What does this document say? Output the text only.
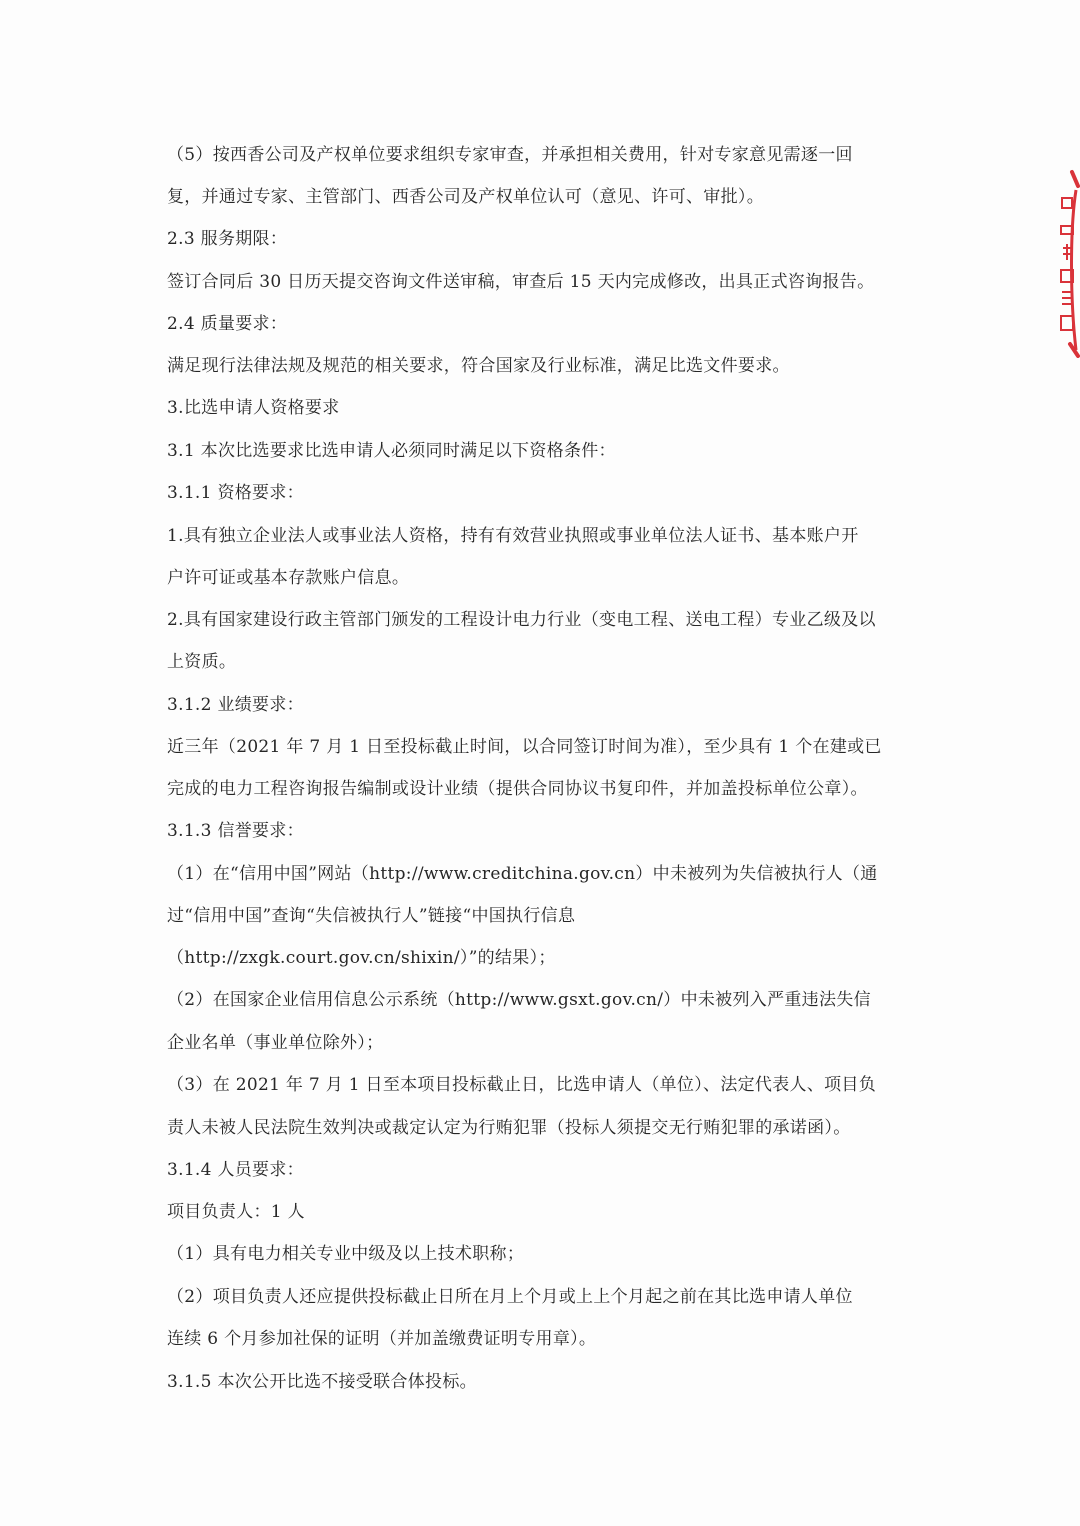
（5）按西香公司及产权单位要求组织专家审查，并承担相关费用，针对专家意见需逐一回
复，并通过专家、主管部门、西香公司及产权单位认可（意见、许可、审批）。
2.3 服务期限：
签订合同后 30 日历天提交咨询文件送审稿，审查后 15 天内完成修改，出具正式咨询报告。
2.4 质量要求：
满足现行法律法规及规范的相关要求，符合国家及行业标准，满足比选文件要求。
3.比选申请人资格要求
3.1 本次比选要求比选申请人必须同时满足以下资格条件：
3.1.1 资格要求：
1.具有独立企业法人或事业法人资格，持有有效营业执照或事业单位法人证书、基本账户开
户许可证或基本存款账户信息。
2.具有国家建设行政主管部门颁发的工程设计电力行业（变电工程、送电工程）专业乙级及以
上资质。
3.1.2 业绩要求：
近三年（2021 年 7 月 1 日至投标截止时间，以合同签订时间为准），至少具有 1 个在建或已
完成的电力工程咨询报告编制或设计业绩（提供合同协议书复印件，并加盖投标单位公章）。
3.1.3 信誉要求：
（1）在“信用中国”网站（http://www.creditchina.gov.cn）中未被列为失信被执行人（通
过“信用中国”查询“失信被执行人”链接“中国执行信息
（http://zxgk.court.gov.cn/shixin/）”的结果）；
（2）在国家企业信用信息公示系统（http://www.gsxt.gov.cn/）中未被列入严重违法失信
企业名单（事业单位除外）；
（3）在 2021 年 7 月 1 日至本项目投标截止日，比选申请人（单位）、法定代表人、项目负
责人未被人民法院生效判决或裁定认定为行贿犯罪（投标人须提交无行贿犯罪的承诺函）。
3.1.4 人员要求：
项目负责人：1 人
（1）具有电力相关专业中级及以上技术职称；
（2）项目负责人还应提供投标截止日所在月上个月或上上个月起之前在其比选申请人单位
连续 6 个月参加社保的证明（并加盖缴费证明专用章）。
3.1.5 本次公开比选不接受联合体投标。
